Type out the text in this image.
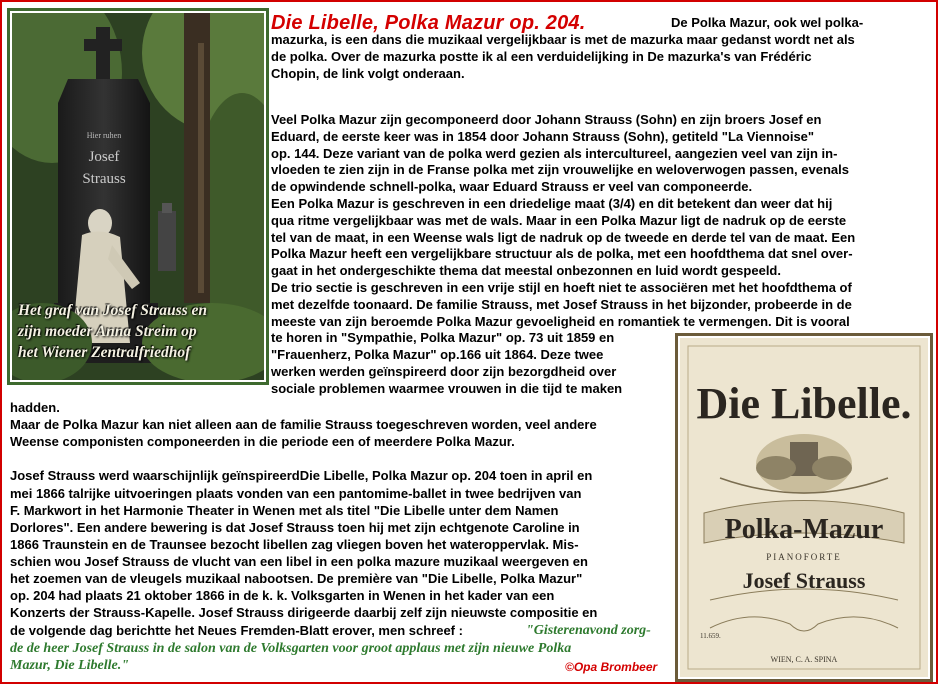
Hier ruhen
Josef
Strauss
Het graf van Josef Strauss en
zijn moeder Anna Streim op
het Wiener Zentralfriedhof
Die Libelle, Polka Mazur op. 204.	De Polka Mazur, ook wel polka-
mazurka, is een dans die muzikaal vergelijkbaar is met de mazurka maar gedanst wordt net als
de polka. Over de mazurka postte ik al een verduidelijking in De mazurka's van Frédéric
Chopin, de link volgt onderaan.
Veel Polka Mazur zijn gecomponeerd door Johann Strauss (Sohn) en zijn broers Josef en
Eduard, de eerste keer was in 1854 door Johann Strauss (Sohn), getiteld "La Viennoise"
op. 144. Deze variant van de polka werd gezien als intercultureel, aangezien veel van zijn in-
vloeden te zien zijn in de Franse polka met zijn vrouwelijke en weloverwogen passen, evenals
de opwindende schnell-polka, waar Eduard Strauss er veel van componeerde.
Een Polka Mazur is geschreven in een driedelige maat (3/4) en dit betekent dan weer dat hij
qua ritme vergelijkbaar was met de wals. Maar in een Polka Mazur ligt de nadruk op de eerste
tel van de maat, in een Weense wals ligt de nadruk op de tweede en derde tel van de maat. Een
Polka Mazur heeft een vergelijkbare structuur als de polka, met een hoofdthema dat snel over-
gaat in het ondergeschikte thema dat meestal onbezonnen en luid wordt gespeeld.
De trio sectie is geschreven in een vrije stijl en hoeft niet te associëren met het hoofdthema of
met dezelfde toonaard. De familie Strauss, met Josef Strauss in het bijzonder, probeerde in de
meeste van zijn beroemde Polka Mazur gevoeligheid en romantiek te vermengen. Dit is vooral
te horen in "Sympathie, Polka Mazur" op. 73 uit 1859 en
"Frauenherz, Polka Mazur" op.166 uit 1864. Deze twee
werken werden geïnspireerd door zijn bezorgdheid over
sociale problemen waarmee vrouwen in die tijd te maken
hadden.
Maar de Polka Mazur kan niet alleen aan de familie Strauss toegeschreven worden, veel andere
Weense componisten componeerden in die periode een of meerdere Polka Mazur.
Josef Strauss werd waarschijnlijk geïnspireerdDie Libelle, Polka Mazur op. 204 toen in april en
mei 1866 talrijke uitvoeringen plaats vonden van een pantomime-ballet in twee bedrijven van
F. Markwort in het Harmonie Theater in Wenen met als titel "Die Libelle unter dem Namen
Dorlores". Een andere bewering is dat Josef Strauss toen hij met zijn echtgenote Caroline in
1866 Traunstein en de Traunsee bezocht libellen zag vliegen boven het wateroppervlak. Mis-
schien wou Josef Strauss de vlucht van een libel in een polka mazure muzikaal weergeven en
het zoemen van de vleugels muzikaal nabootsen. De première van "Die Libelle, Polka Mazur"
op. 204 had plaats 21 oktober 1866 in de k. k. Volksgarten in Wenen in het kader van een
Konzerts der Strauss-Kapelle. Josef Strauss dirigeerde daarbij zelf zijn nieuwste compositie en
de volgende dag berichtte het Neues Fremden-Blatt erover, men schreef :	"Gisterenavond zorg-
de de heer Josef Strauss in de salon van de Volksgarten voor groot applaus met zijn nieuwe Polka
Mazur, Die Libelle."	©Opa Brombeer
Die Libelle.
Polka-Mazur
PIANOFORTE
Josef Strauss
11.659.
WIEN, C. A. SPINA
